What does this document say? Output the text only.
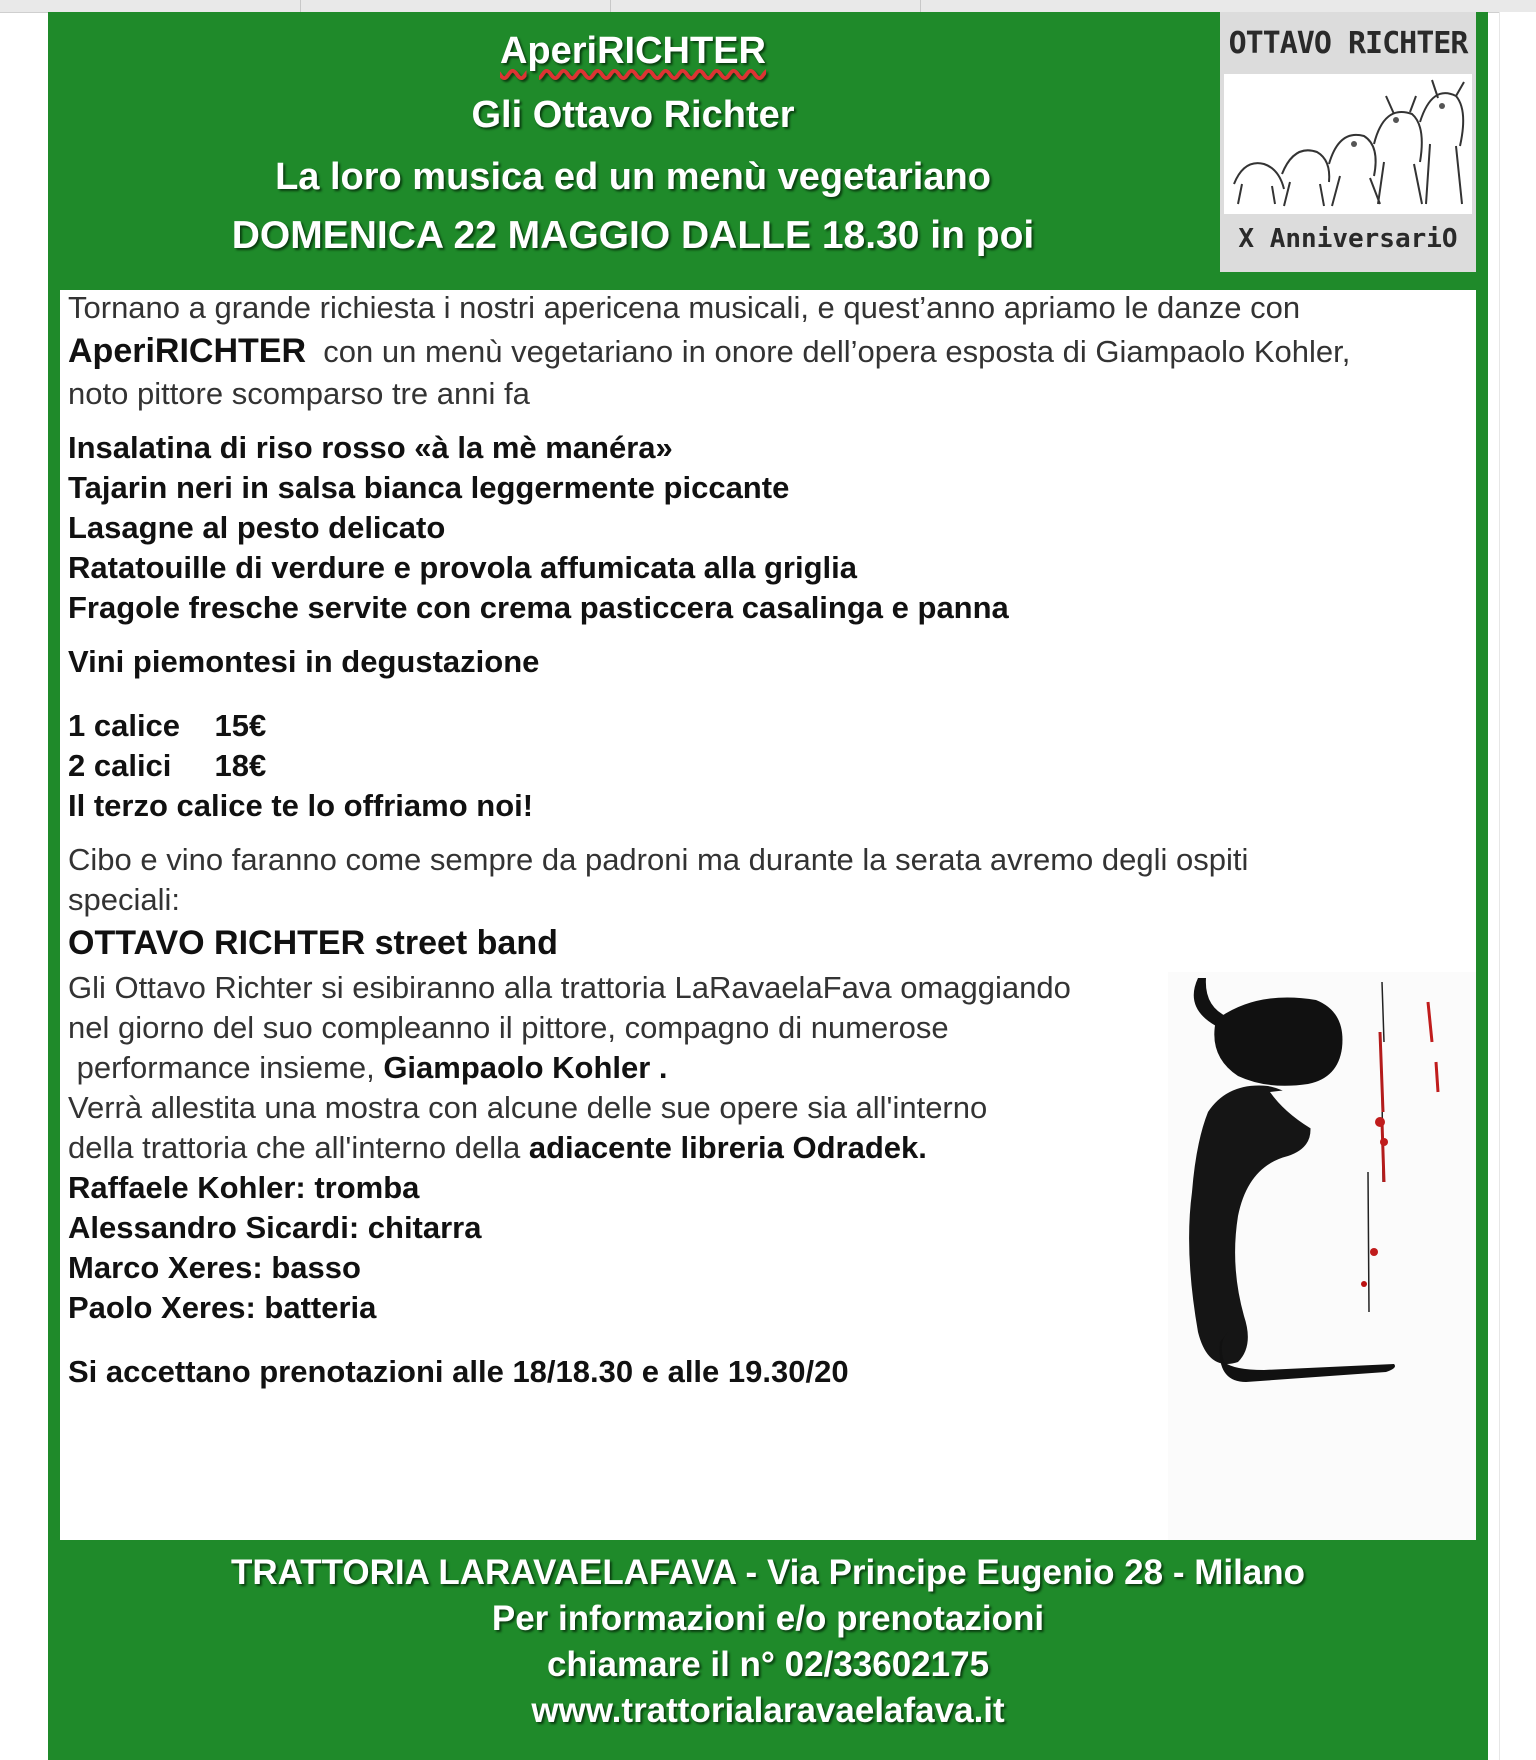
AperiRICHTER
Gli Ottavo Richter
La loro musica ed un menù vegetariano
DOMENICA 22 MAGGIO DALLE 18.30 in poi
OTTAVO RICHTER
X AnniversariO
Tornano a grande richiesta i nostri apericena musicali, e quest’anno apriamo le danze con
AperiRICHTER con un menù vegetariano in onore dell’opera esposta di Giampaolo Kohler,
noto pittore scomparso tre anni fa
Insalatina di riso rosso «à la mè manéra»
Tajarin neri in salsa bianca leggermente piccante
Lasagne al pesto delicato
Ratatouille di verdure e provola affumicata alla griglia
Fragole fresche servite con crema pasticcera casalinga e panna
Vini piemontesi in degustazione
1 calice    15€
2 calici     18€
Il terzo calice te lo offriamo noi!
Cibo e vino faranno come sempre da padroni ma durante la serata avremo degli ospiti
speciali:
OTTAVO RICHTER street band
Gli Ottavo Richter si esibiranno alla trattoria LaRavaelaFava omaggiando
nel giorno del suo compleanno il pittore, compagno di numerose
performance insieme, Giampaolo Kohler .
Verrà allestita una mostra con alcune delle sue opere sia all'interno
della trattoria che all'interno della adiacente libreria Odradek.
Raffaele Kohler: tromba
Alessandro Sicardi: chitarra
Marco Xeres: basso
Paolo Xeres: batteria
Si accettano prenotazioni alle 18/18.30 e alle 19.30/20
TRATTORIA LARAVAELAFAVA - Via Principe Eugenio 28 - Milano
Per informazioni e/o prenotazioni
chiamare il n° 02/33602175
www.trattorialaravaelafava.it
